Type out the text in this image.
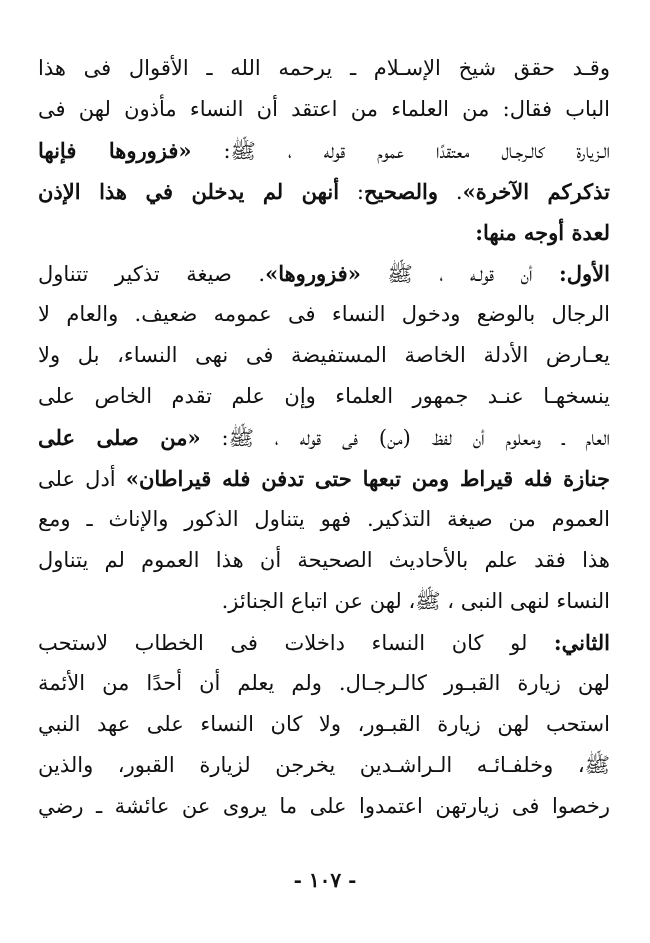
وقـد حقق شيخ الإسـلام ـ يرحمه الله ـ الأقوال فى هذا
الباب فقال: من العلماء من اعتقد أن النساء مأذون لهن فى
الـزيارة كالـرجـال معتقدًا عموم قوله ، ﷺ: «فزوروها فإنها
تذكركم الآخرة». والصحيح: أنهن لم يدخلن في هذا الإذن
لعدة أوجه منها:
الأول: أن قولـه ، ﷺ «فزوروها». صيغة تذكير تتناول
الرجال بالوضع ودخول النساء فى عمومه ضعيف. والعام لا
يعـارض الأدلة الخاصة المستفيضة فى نهى النساء، بل ولا
ينسخهـا عنـد جمهور العلماء وإن علم تقدم الخاص على
العام ـ ومعلوم أن لفظ (من) فى قوله ، ﷺ: «من صلى على
جنازة فله قيراط ومن تبعها حتى تدفن فله قيراطان» أدل على
العموم من صيغة التذكير. فهو يتناول الذكور والإناث ـ ومع
هذا فقد علم بالأحاديث الصحيحة أن هذا العموم لم يتناول
النساء لنهى النبى ، ﷺ، لهن عن اتباع الجنائز.
الثاني: لو كان النساء داخلات فى الخطاب لاستحب
لهن زيارة القبـور كالـرجـال. ولم يعلم أن أحدًا من الأئمة
استحب لهن زيارة القبـور، ولا كان النساء على عهد النبي
ﷺ، وخلفـائـه الـراشـدين يخرجن لزيارة القبور، والذين
رخصوا فى زيارتهن اعتمدوا على ما يروى عن عائشة ـ رضي
- ١٠٧ -
